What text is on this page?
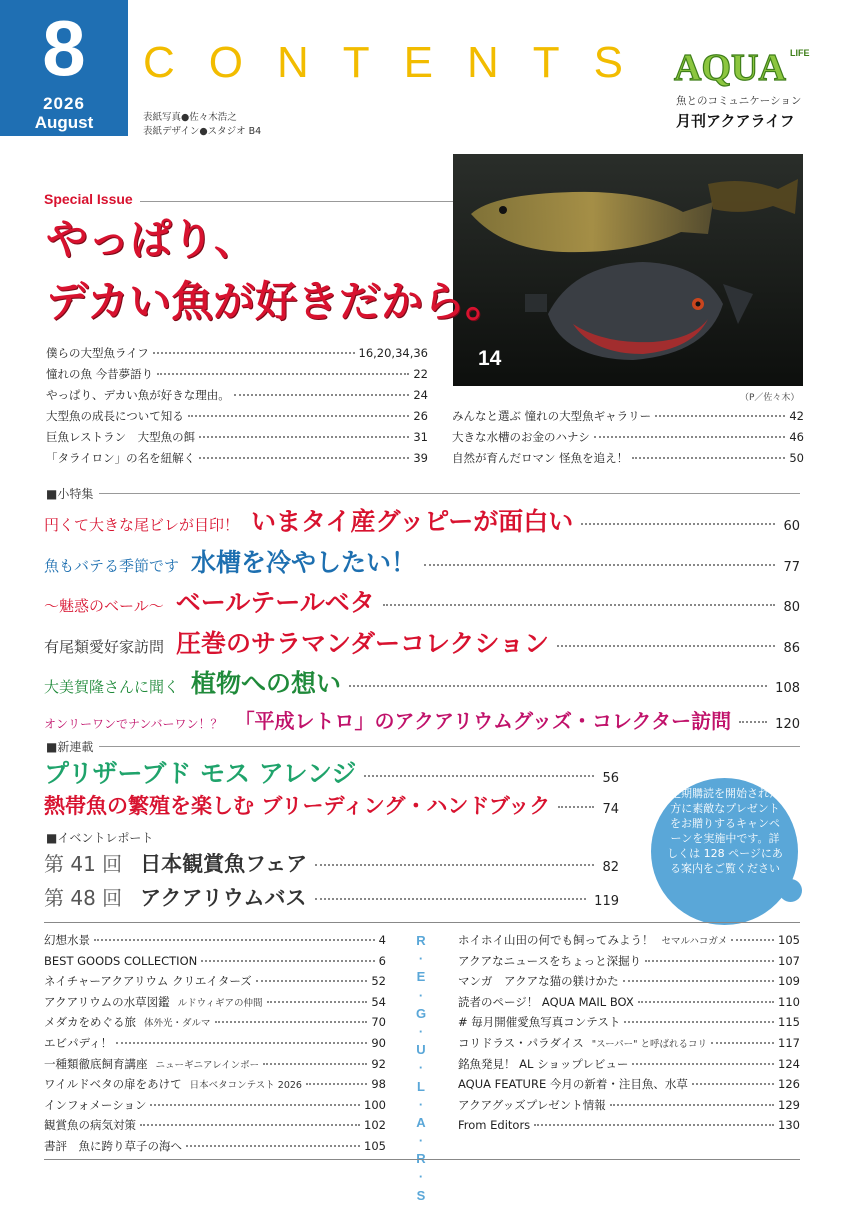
8
2026
August
CONTENTS
表紙写真●佐々木浩之
表紙デザイン●スタジオ B4
AQUA LIFE
魚とのコミュニケーション
月刊アクアライフ
Special Issue
14
（P／佐々木）
やっぱり、
デカい魚が好きだから。
僕らの大型魚ライフ	16,20,34,36
憧れの魚 今昔夢語り	22
やっぱり、デカい魚が好きな理由。	24
大型魚の成長について知る	26
巨魚レストラン　大型魚の餌	31
「タライロン」の名を紐解く	39
みんなと選ぶ 憧れの大型魚ギャラリー	42
大きな水槽のお金のハナシ	46
自然が育んだロマン 怪魚を追え！	50
■小特集
円くて大きな尾ビレが目印！ いまタイ産グッピーが面白い	60
魚もバテる季節です 水槽を冷やしたい！	77
〜魅惑のベール〜 ベールテールベタ	80
有尾類愛好家訪問 圧巻のサラマンダーコレクション	86
大美賀隆さんに聞く 植物への想い	108
オンリーワンでナンバーワン！？ 「平成レトロ」のアクアリウムグッズ・コレクター訪問	120
■新連載
プリザーブド モス アレンジ	56
熱帯魚の繁殖を楽しむ ブリーディング・ハンドブック	74
■イベントレポート
第 41 回 日本観賞魚フェア	82
第 48 回 アクアリウムバス	119
定期購読を開始された方に素敵なプレゼントをお贈りするキャンペーンを実施中です。詳しくは 128 ページにある案内をご覧ください
R
·
E
·
G
·
U
·
L
·
A
·
·
S
幻想水景	4
BEST GOODS COLLECTION	6
ネイチャーアクアリウム クリエイターズ	52
アクアリウムの水草図鑑 ルドウィギアの仲間	54
メダカをめぐる旅 体外光・ダルマ	70
エビパディ！	90
一種類徹底飼育講座 ニューギニアレインボー	92
ワイルドベタの扉をあけて 日本ベタコンテスト 2026	98
インフォメーション	100
観賞魚の病気対策	102
書評　魚に跨り草子の海へ	105
ホイホイ山田の何でも飼ってみよう！ セマルハコガメ	105
アクアなニュースをちょっと深掘り	107
マンガ　アクアな猫の躾けかた	109
読者のページ！ AQUA MAIL BOX	110
# 毎月開催愛魚写真コンテスト	115
コリドラス・パラダイス "スーパー" と呼ばれるコリ	117
銘魚発見！ AL ショップレビュー	124
AQUA FEATURE 今月の新着・注目魚、水草	126
アクアグッズプレゼント情報	129
From Editors	130
